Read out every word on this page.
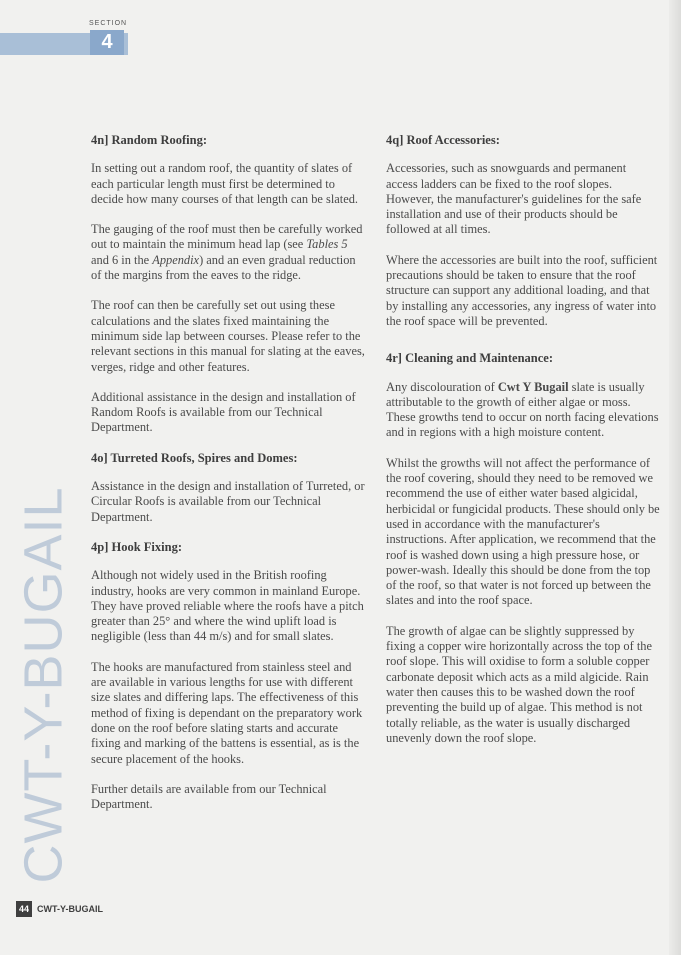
SECTION
4
CWT-Y-BUGAIL
4n] Random Roofing:

In setting out a random roof, the quantity of slates of each particular length must first be determined to decide how many courses of that length can be slated.

The gauging of the roof must then be carefully worked out to maintain the minimum head lap (see Tables 5 and 6 in the Appendix) and an even gradual reduction of the margins from the eaves to the ridge.

The roof can then be carefully set out using these calculations and the slates fixed maintaining the minimum side lap between courses. Please refer to the relevant sections in this manual for slating at the eaves, verges, ridge and other features.

Additional assistance in the design and installation of Random Roofs is available from our Technical Department.

4o] Turreted Roofs, Spires and Domes:

Assistance in the design and installation of Turreted, or Circular Roofs is available from our Technical Department.

4p] Hook Fixing:

Although not widely used in the British roofing industry, hooks are very common in mainland Europe. They have proved reliable where the roofs have a pitch greater than 25° and where the wind uplift load is negligible (less than 44 m/s) and for small slates.

The hooks are manufactured from stainless steel and are available in various lengths for use with different size slates and differing laps. The effectiveness of this method of fixing is dependant on the preparatory work done on the roof before slating starts and accurate fixing and marking of the battens is essential, as is the secure placement of the hooks.

Further details are available from our Technical Department.

4q] Roof Accessories:

Accessories, such as snowguards and permanent access ladders can be fixed to the roof slopes. However, the manufacturer's guidelines for the safe installation and use of their products should be followed at all times.

Where the accessories are built into the roof, sufficient precautions should be taken to ensure that the roof structure can support any additional loading, and that by installing any accessories, any ingress of water into the roof space will be prevented.

4r] Cleaning and Maintenance:

Any discolouration of Cwt Y Bugail slate is usually attributable to the growth of either algae or moss. These growths tend to occur on north facing elevations and in regions with a high moisture content.

Whilst the growths will not affect the performance of the roof covering, should they need to be removed we recommend the use of either water based algicidal, herbicidal or fungicidal products. These should only be used in accordance with the manufacturer's instructions. After application, we recommend that the roof is washed down using a high pressure hose, or power-wash. Ideally this should be done from the top of the roof, so that water is not forced up between the slates and into the roof space.

The growth of algae can be slightly suppressed by fixing a copper wire horizontally across the top of the roof slope. This will oxidise to form a soluble copper carbonate deposit which acts as a mild algicide. Rain water then causes this to be washed down the roof preventing the build up of algae. This method is not totally reliable, as the water is usually discharged unevenly down the roof slope.

44 CWT-Y-BUGAIL
